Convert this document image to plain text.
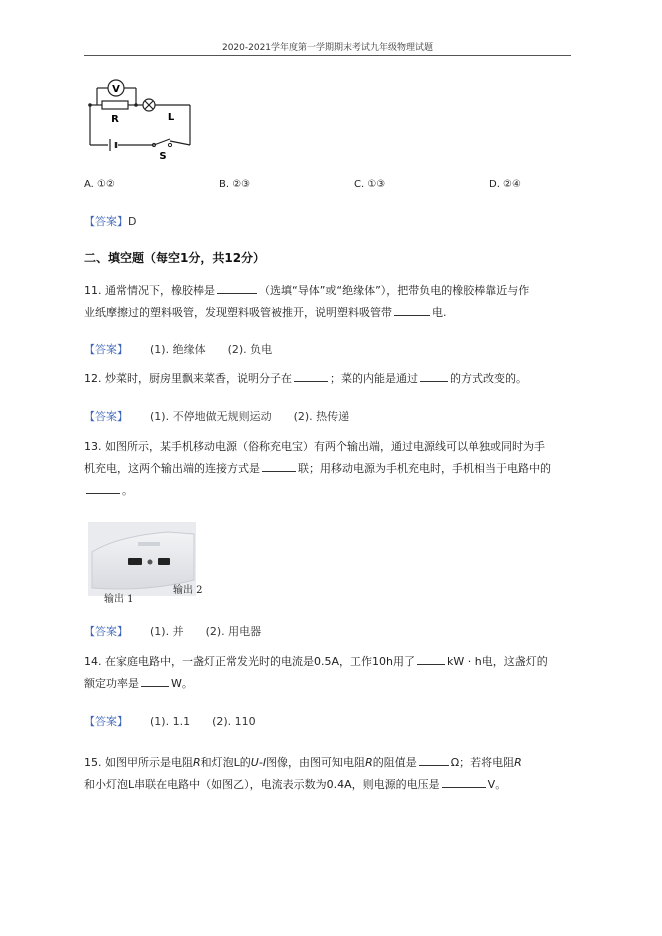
2020-2021学年度第一学期期末考试九年级物理试题
V
R	L
S
A. ①②	B. ②③	C. ①③	D. ②④
【答案】D
二、填空题（每空1分，共12分）
11. 通常情况下，橡胶棒是	（选填“导体”或“绝缘体”），把带负电的橡胶棒靠近与作
业纸摩擦过的塑料吸管，发现塑料吸管被推开，说明塑料吸管带	电.
【答案】 (1). 绝缘体 (2). 负电
12. 炒菜时，厨房里飘来菜香，说明分子在	；菜的内能是通过	的方式改变的。
【答案】 (1). 不停地做无规则运动 (2). 热传递
13. 如图所示，某手机移动电源（俗称充电宝）有两个输出端，通过电源线可以单独或同时为手
机充电，这两个输出端的连接方式是	联；用移动电源为手机充电时，手机相当于电路中的
。
输出 1
输出 2
【答案】 (1). 并 (2). 用电器
14. 在家庭电路中，一盏灯正常发光时的电流是0.5A，工作10h用了	kW · h电，这盏灯的
额定功率是	W。
【答案】 (1). 1.1 (2). 110
15. 如图甲所示是电阻R和灯泡L的U-I图像，由图可知电阻R的阻值是	Ω；若将电阻R
和小灯泡L串联在电路中（如图乙），电流表示数为0.4A，则电源的电压是	V。
